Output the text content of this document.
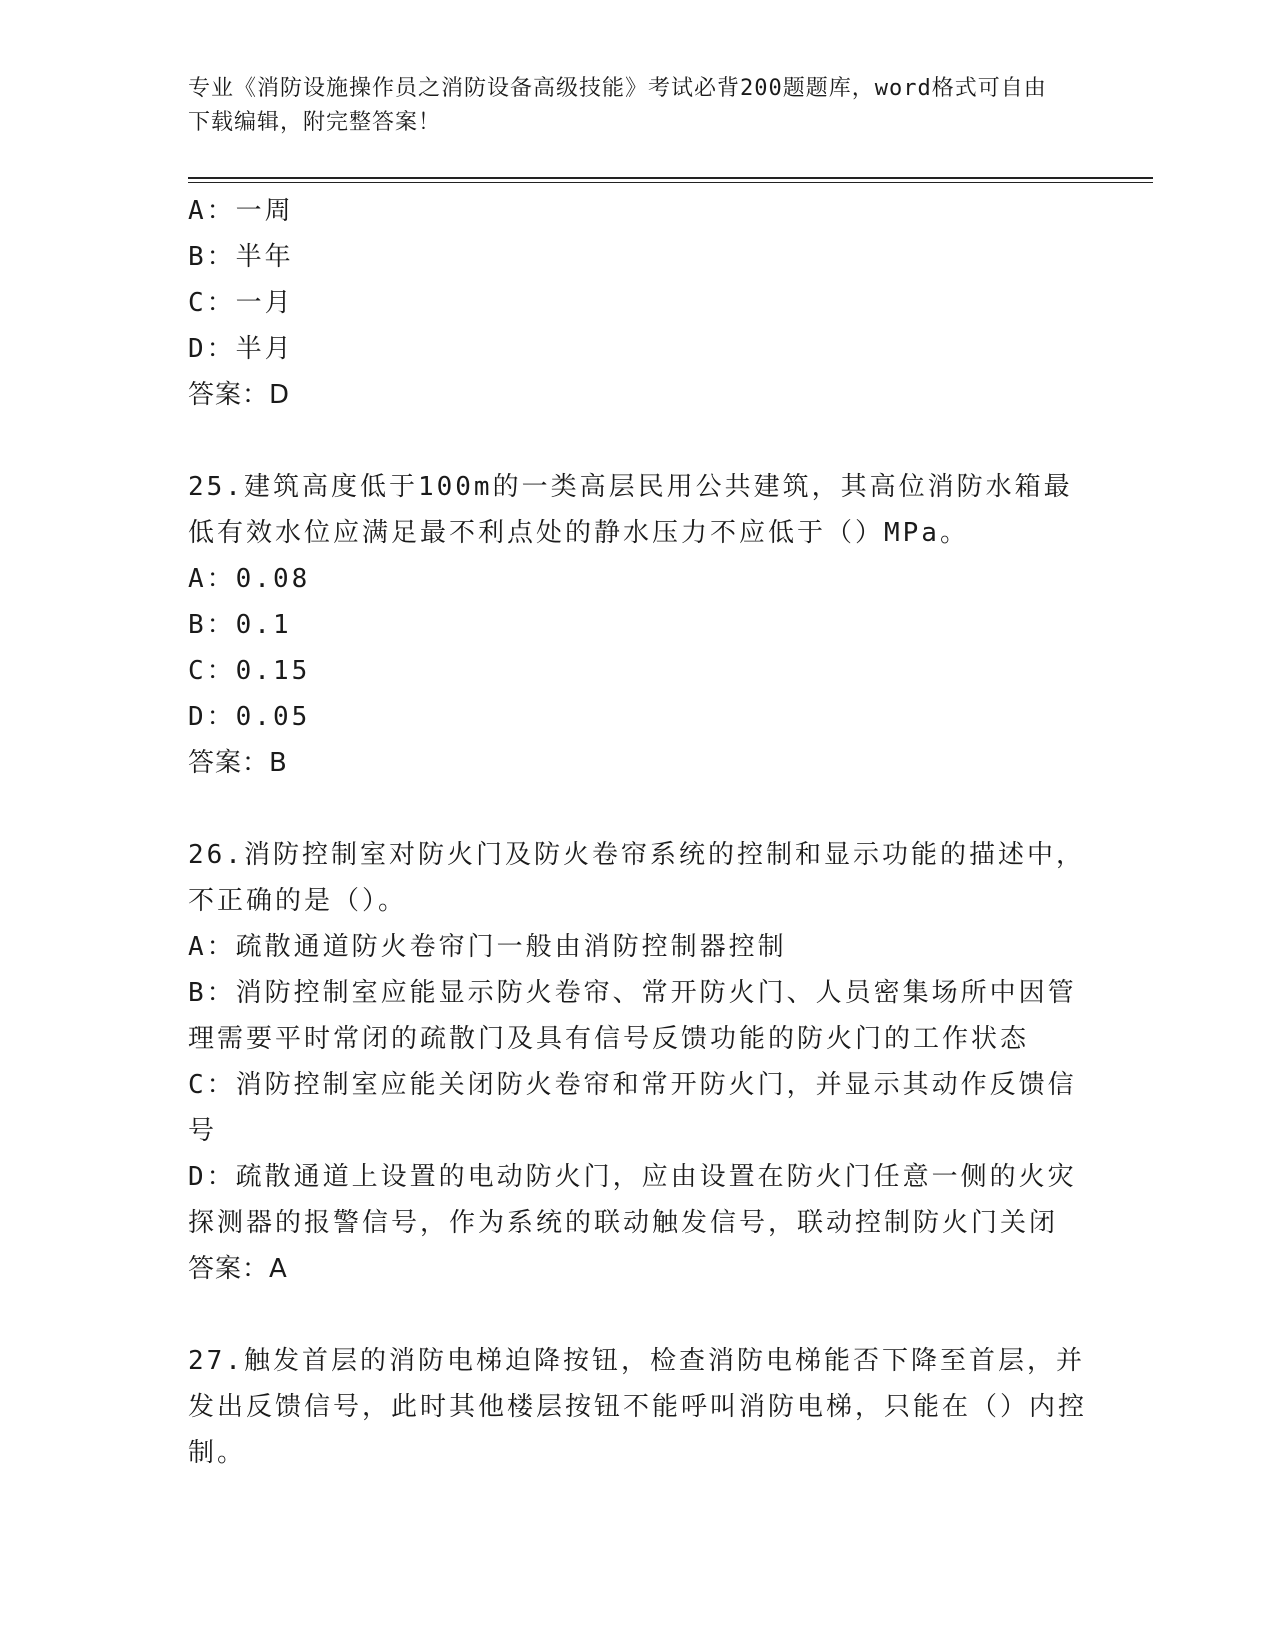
专业《消防设施操作员之消防设备高级技能》考试必背200题题库，word格式可自由下载编辑，附完整答案！

A：一周

B：半年

C：一月

D：半月

答案：D

25.建筑高度低于100m的一类高层民用公共建筑，其高位消防水箱最低有效水位应满足最不利点处的静水压力不应低于（）MPa。

A：0.08

B：0.1

C：0.15

D：0.05

答案：B

26.消防控制室对防火门及防火卷帘系统的控制和显示功能的描述中，不正确的是（）。

A：疏散通道防火卷帘门一般由消防控制器控制

B：消防控制室应能显示防火卷帘、常开防火门、人员密集场所中因管理需要平时常闭的疏散门及具有信号反馈功能的防火门的工作状态

C：消防控制室应能关闭防火卷帘和常开防火门，并显示其动作反馈信号

D：疏散通道上设置的电动防火门，应由设置在防火门任意一侧的火灾探测器的报警信号，作为系统的联动触发信号，联动控制防火门关闭

答案：A

27.触发首层的消防电梯迫降按钮，检查消防电梯能否下降至首层，并发出反馈信号，此时其他楼层按钮不能呼叫消防电梯，只能在（）内控制。
